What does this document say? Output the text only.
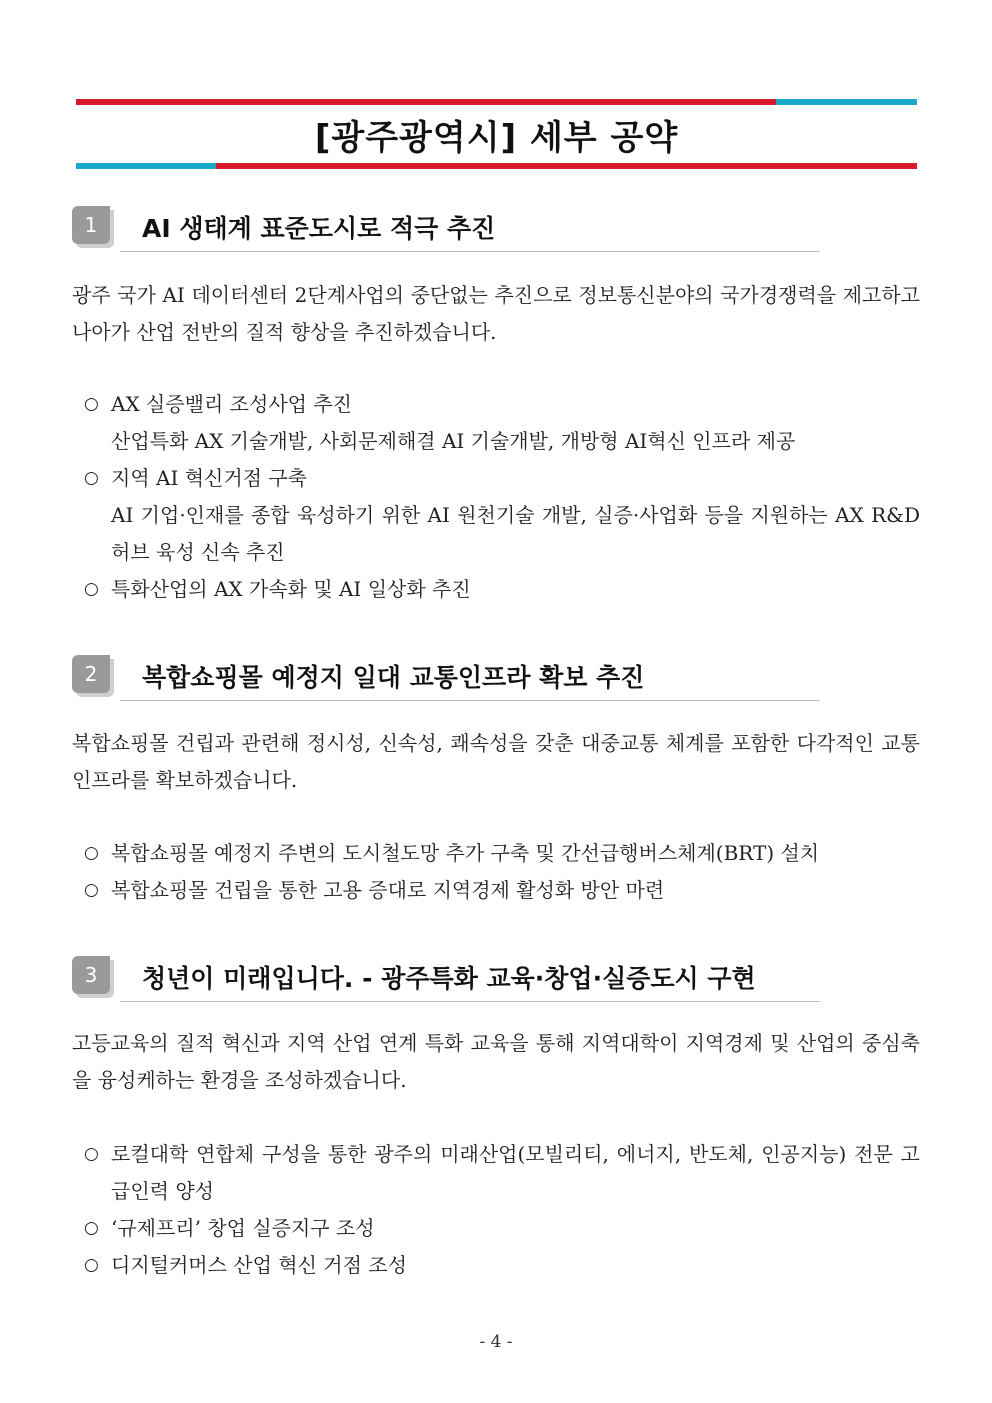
[광주광역시] 세부 공약
1	AI 생태계 표준도시로 적극 추진
광주 국가 AI 데이터센터 2단계사업의 중단없는 추진으로 정보통신분야의 국가경쟁력을 제고하고 나아가 산업 전반의 질적 향상을 추진하겠습니다.
○ AX 실증밸리 조성사업 추진
산업특화 AX 기술개발, 사회문제해결 AI 기술개발, 개방형 AI혁신 인프라 제공
○ 지역 AI 혁신거점 구축
AI 기업·인재를 종합 육성하기 위한 AI 원천기술 개발, 실증·사업화 등을 지원하는 AX R&D 허브 육성 신속 추진
○ 특화산업의 AX 가속화 및 AI 일상화 추진
2	복합쇼핑몰 예정지 일대 교통인프라 확보 추진
복합쇼핑몰 건립과 관련해 정시성, 신속성, 쾌속성을 갖춘 대중교통 체계를 포함한 다각적인 교통인프라를 확보하겠습니다.
○ 복합쇼핑몰 예정지 주변의 도시철도망 추가 구축 및 간선급행버스체계(BRT) 설치
○ 복합쇼핑몰 건립을 통한 고용 증대로 지역경제 활성화 방안 마련
3	청년이 미래입니다. - 광주특화 교육·창업·실증도시 구현
고등교육의 질적 혁신과 지역 산업 연계 특화 교육을 통해 지역대학이 지역경제 및 산업의 중심축을 융성케하는 환경을 조성하겠습니다.
○ 로컬대학 연합체 구성을 통한 광주의 미래산업(모빌리티, 에너지, 반도체, 인공지능) 전문 고급인력 양성
○ ‘규제프리’ 창업 실증지구 조성
○ 디지털커머스 산업 혁신 거점 조성
- 4 -
